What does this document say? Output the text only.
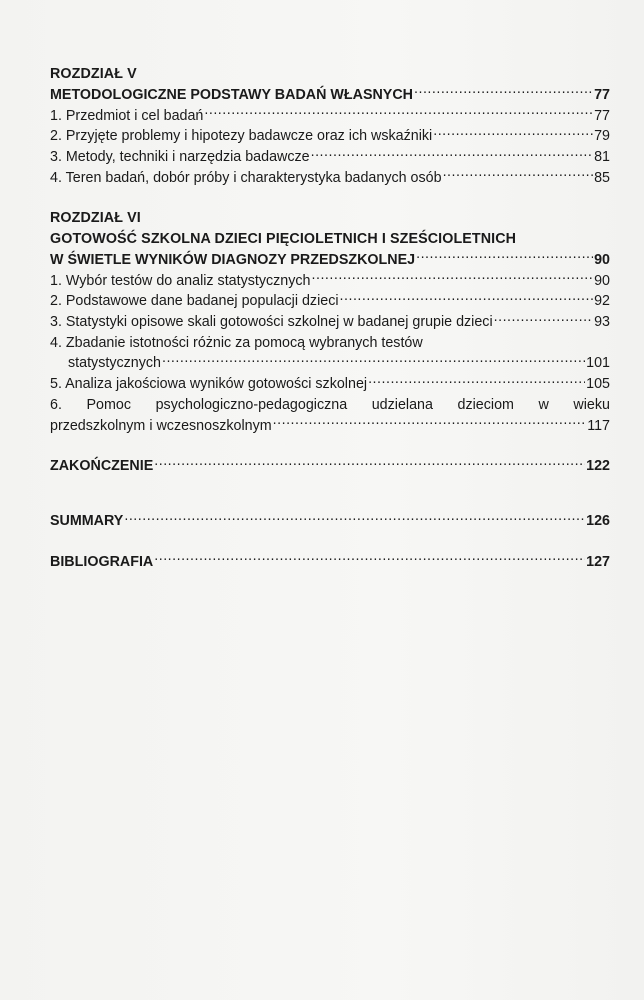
ROZDZIAŁ V
METODOLOGICZNE PODSTAWY BADAŃ WŁASNYCH .....	77
1. Przedmiot i cel badań .....	77
2. Przyjęte problemy i hipotezy badawcze oraz ich wskaźniki .....	79
3. Metody, techniki i narzędzia badawcze .....	81
4. Teren badań, dobór próby i charakterystyka badanych osób .....	85
ROZDZIAŁ VI
GOTOWOŚĆ SZKOLNA DZIECI PIĘCIOLETNICH I SZEŚCIOLETNICH
W ŚWIETLE WYNIKÓW DIAGNOZY PRZEDSZKOLNEJ .....	90
1. Wybór testów do analiz statystycznych .....	90
2. Podstawowe dane badanej populacji dzieci .....	92
3. Statystyki opisowe skali gotowości szkolnej w badanej grupie dzieci .....	93
4. Zbadanie istotności różnic za pomocą wybranych testów
statystycznych .....	101
5. Analiza jakościowa wyników gotowości szkolnej .....	105
6. Pomoc psychologiczno-pedagogiczna udzielana dzieciom w wieku
przedszkolnym i wczesnoszkolnym .....	117
ZAKOŃCZENIE .....	122
SUMMARY .....	126
BIBLIOGRAFIA .....	127
